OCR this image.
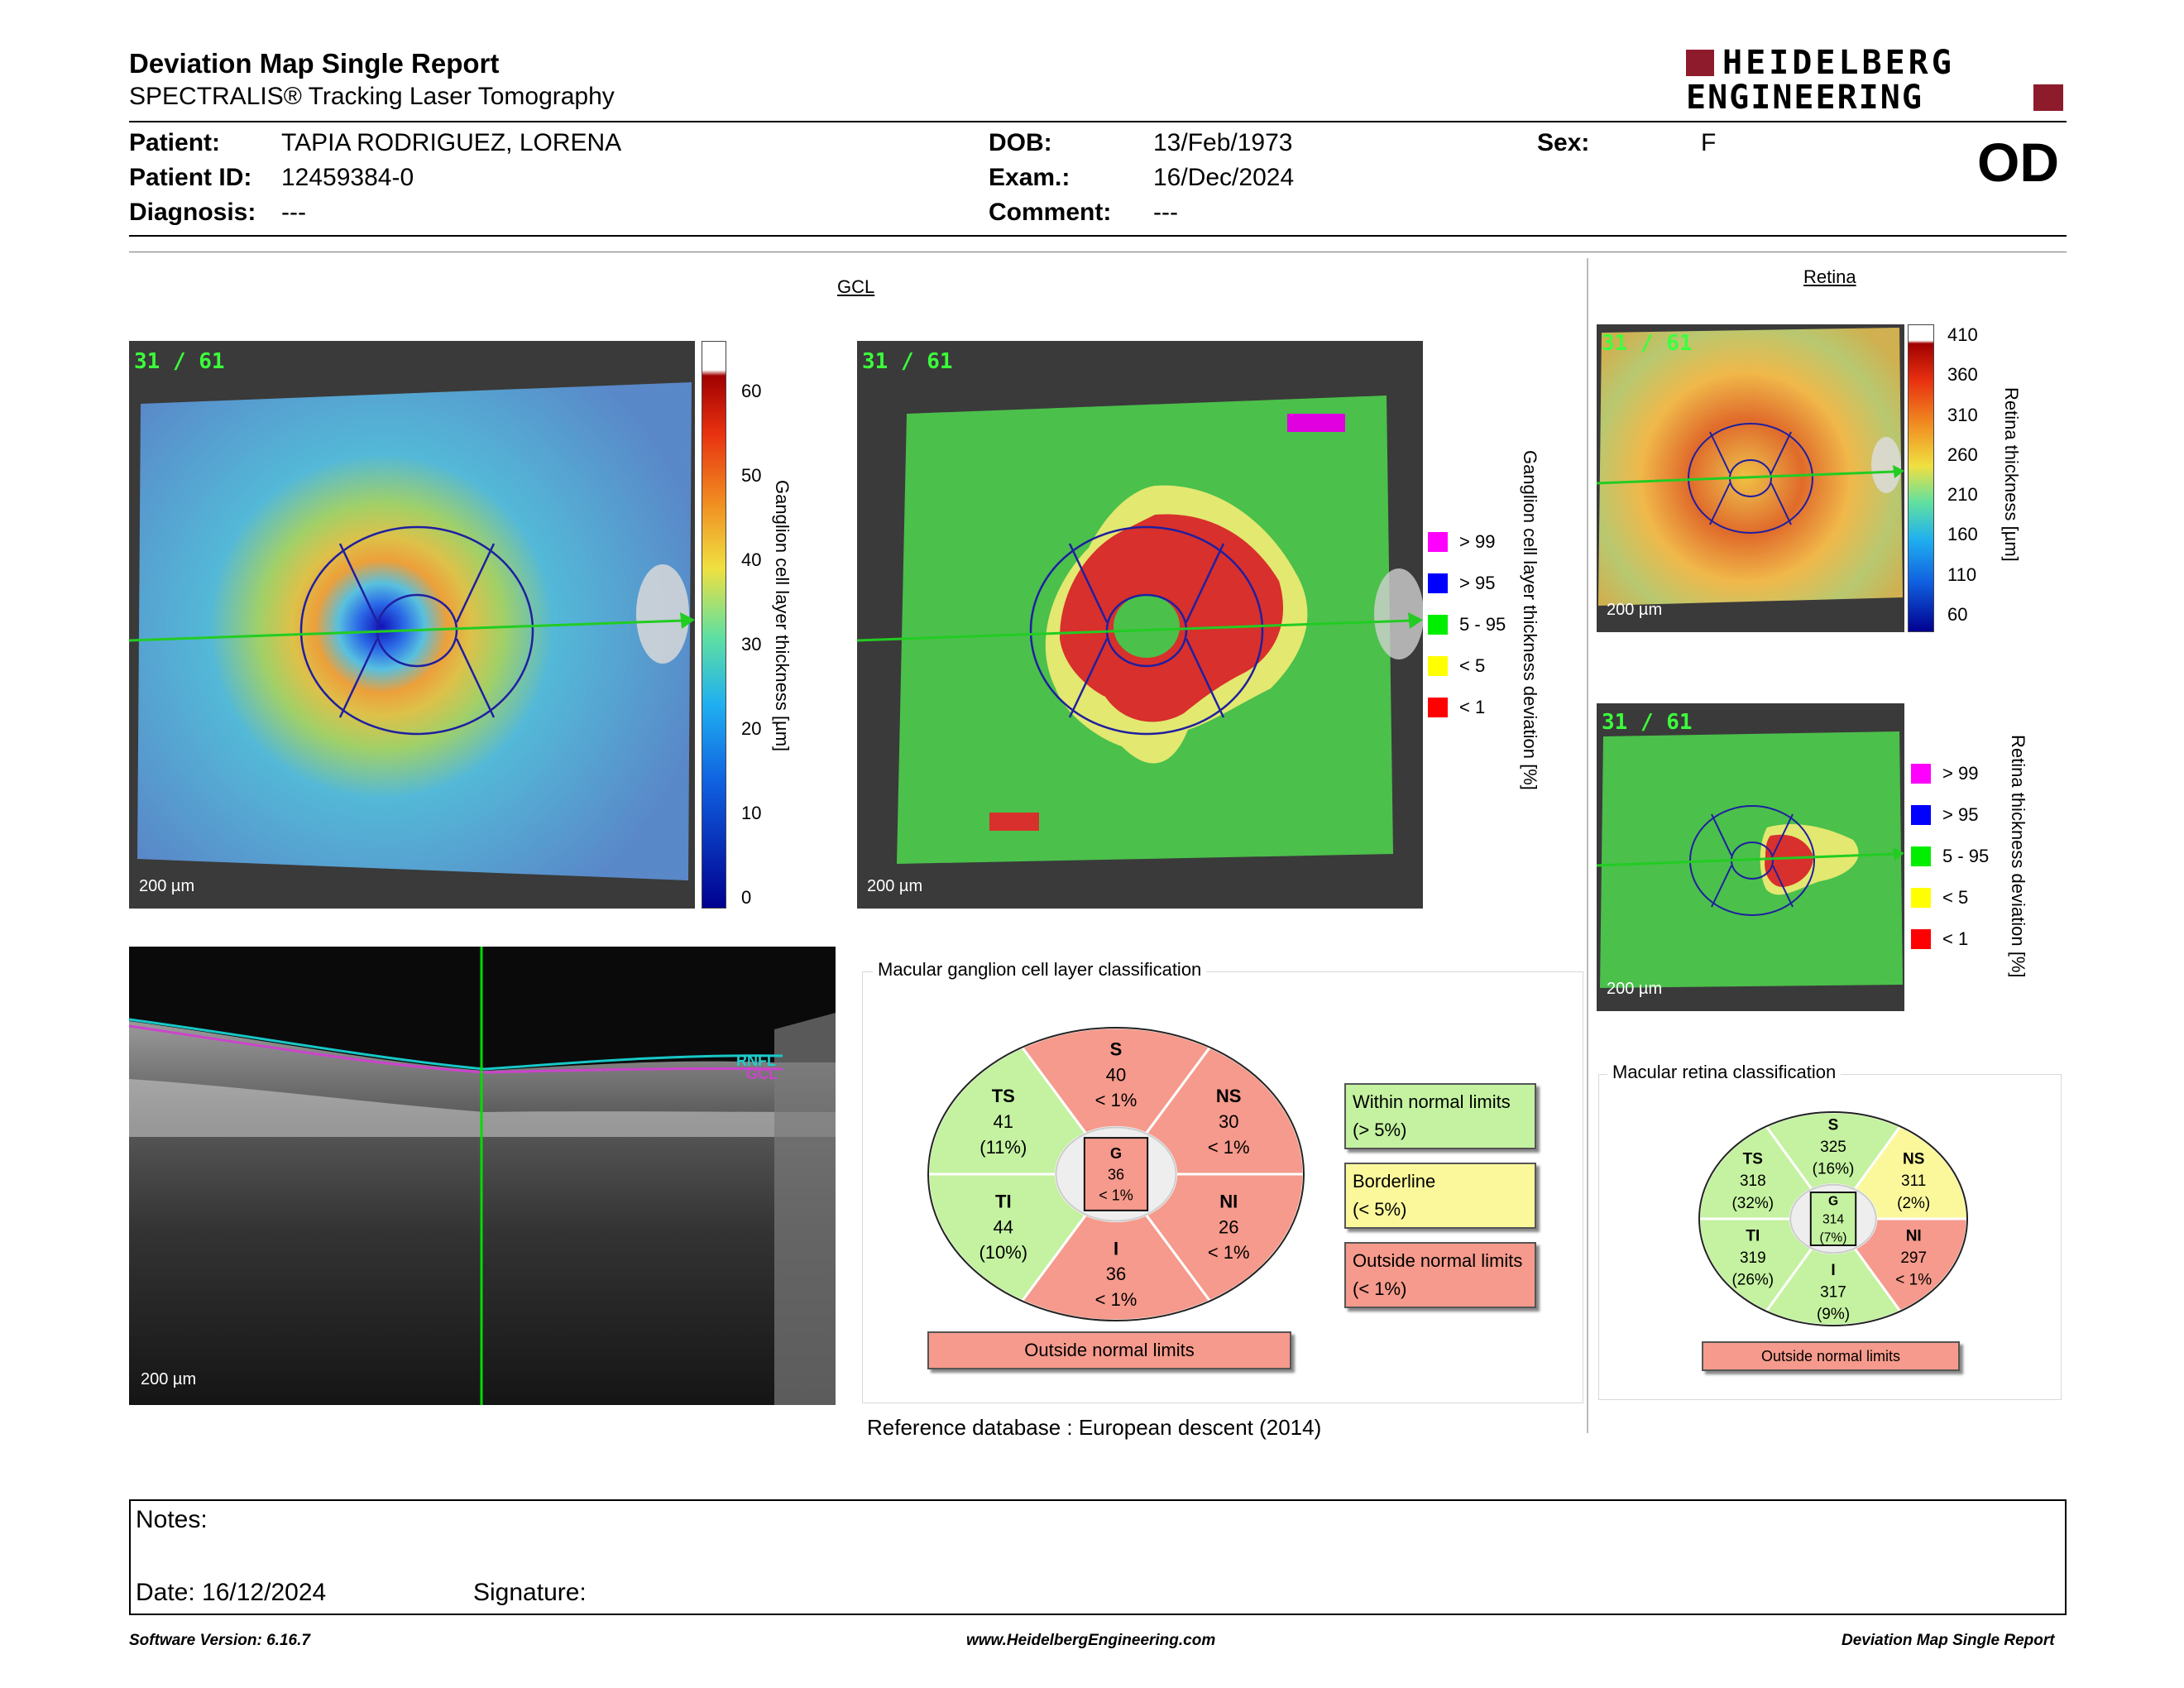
Deviation Map Single Report
SPECTRALIS® Tracking Laser Tomography
HEIDELBERG
ENGINEERING
Patient: TAPIA RODRIGUEZ, LORENA
Patient ID: 12459384-0
Diagnosis: ---
DOB:	13/Feb/1973
Exam.:	16/Dec/2024
Comment: ---
Sex:	F	OD
GCL
31 / 61
200 µm
60
50
40
30
20
10
0
Ganglion cell layer thickness [µm]
31 / 61
200 µm
> 99
> 95
5 - 95
< 5
< 1 Ganglion cell layer thickness deviation [%]
RNFL
GCL
200 µm
Macular ganglion cell layer classification
S
40
< 1%	NS
30
< 1%
NI
26
< 1%
I
36
< 1%
TI
44
(10%)
TS
41
(11%)	G
36
< 1%
Outside normal limits
Within normal limits
(> 5%)
Borderline
(< 5%)
Outside normal limits
(< 1%)
Reference database : European descent (2014)
Retina
31 / 61
200 µm
410
360
310
260
210
160
110
60
Retina thickness [µm]
31 / 61
200 µm
> 99
> 95
5 - 95
< 5
< 1 Retina thickness deviation [%]
Macular retina classification
S
325
(16%)
NS
311
(2%)
NI
297
< 1%
I
317
(9%)
TI
319
(26%)
TS
318
(32%)	G
314
(7%)
Outside normal limits
Notes:
Date: 16/12/2024	Signature:
Software Version: 6.16.7	www.HeidelbergEngineering.com	Deviation Map Single Report
